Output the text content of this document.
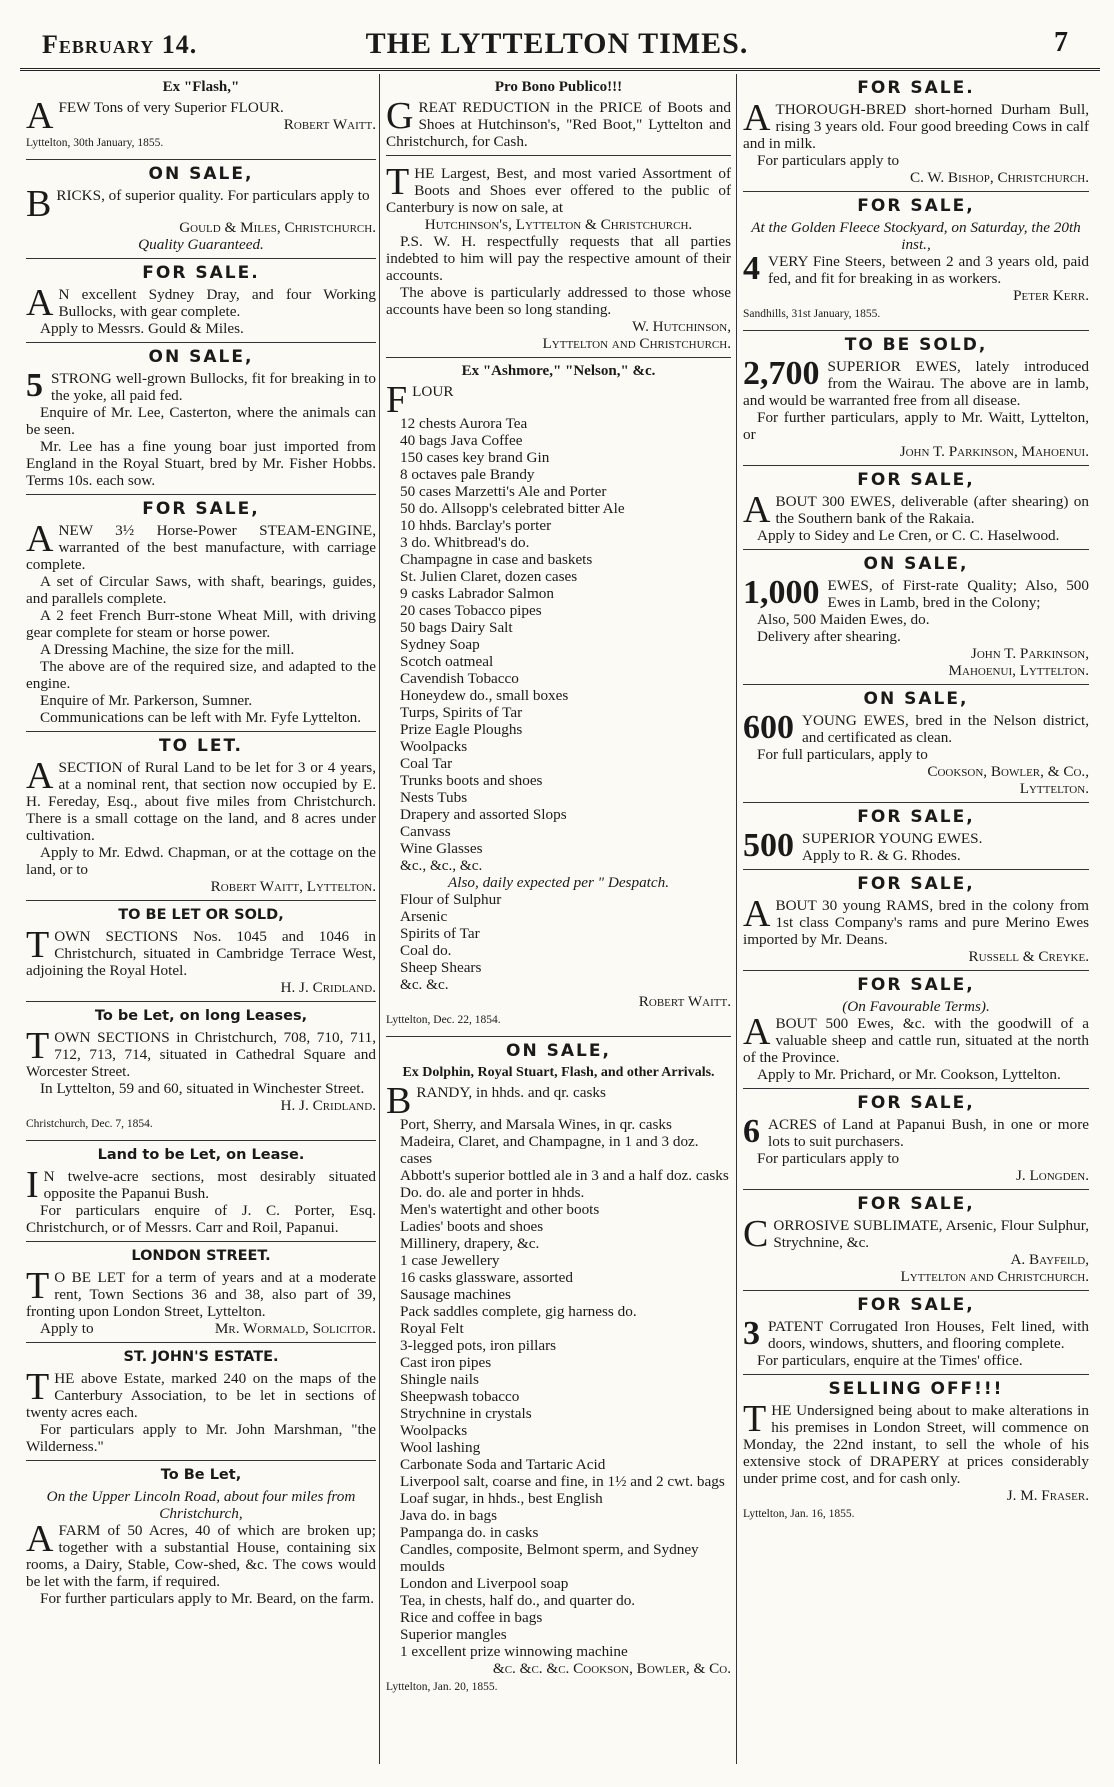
February 14.	THE LYTTELTON TIMES.	7
Ex "Flash,"

AFEW Tons of very Superior FLOUR.

Robert Waitt.

Lyttelton, 30th January, 1855.

ON SALE,

BRICKS, of superior quality. For particulars apply to

Gould & Miles, Christchurch.

Quality Guaranteed.
FOR SALE.

A N excellent Sydney Dray, and four Working Bullocks, with gear complete.

Apply to Messrs. Gould & Miles.

ON SALE,

5 STRONG well-grown Bullocks, fit for breaking in to the yoke, all paid fed.

Enquire of Mr. Lee, Casterton, where the animals can be seen.

Mr. Lee has a fine young boar just imported from England in the Royal Stuart, bred by Mr. Fisher Hobbs. Terms 10s. each sow.

FOR SALE,

ANEW 3½ Horse-Power STEAM-ENGINE, warranted of the best manufacture, with carriage complete.

A set of Circular Saws, with shaft, bearings, guides, and parallels complete.

A 2 feet French Burr-stone Wheat Mill, with driving gear complete for steam or horse power.

A Dressing Machine, the size for the mill.

The above are of the required size, and adapted to the engine.

Enquire of Mr. Parkerson, Sumner.

Communications can be left with Mr. Fyfe Lyttelton.

TO LET.

ASECTION of Rural Land to be let for 3 or 4 years, at a nominal rent, that section now occupied by E. H. Fereday, Esq., about five miles from Christchurch. There is a small cottage on the land, and 8 acres under cultivation.

Apply to Mr. Edwd. Chapman, or at the cottage on the land, or to

Robert Waitt, Lyttelton.

TO BE LET OR SOLD,

TOWN SECTIONS Nos. 1045 and 1046 in Christchurch, situated in Cambridge Terrace West, adjoining the Royal Hotel.

H. J. Cridland.

To be Let, on long Leases,

TOWN SECTIONS in Christchurch, 708, 710, 711, 712, 713, 714, situated in Cathedral Square and Worcester Street.

In Lyttelton, 59 and 60, situated in Winchester Street.

H. J. Cridland.

Christchurch, Dec. 7, 1854.

Land to be Let, on Lease.

I N twelve-acre sections, most desirably situated opposite the Papanui Bush.

For particulars enquire of J. C. Porter, Esq. Christchurch, or of Messrs. Carr and Roil, Papanui.

LONDON STREET.

T O BE LET for a term of years and at a moderate rent, Town Sections 36 and 38, also part of 39, fronting upon London Street, Lyttelton.

Apply to	Mr. Wormald, Solicitor.

ST. JOHN'S ESTATE.

THE above Estate, marked 240 on the maps of the Canterbury Association, to be let in sections of twenty acres each.

For particulars apply to Mr. John Marshman, "the Wilderness."

To Be Let,
On the Upper Lincoln Road, about four miles from Christchurch,

AFARM of 50 Acres, 40 of which are broken up; together with a substantial House, containing six rooms, a Dairy, Stable, Cow-shed, &c. The cows would be let with the farm, if required.

For further particulars apply to Mr. Beard, on the farm.

Pro Bono Publico!!!

GREAT REDUCTION in the PRICE of Boots and Shoes at Hutchinson's, "Red Boot," Lyttelton and Christchurch, for Cash.

THE Largest, Best, and most varied Assortment of Boots and Shoes ever offered to the public of Canterbury is now on sale, at

Hutchinson's, Lyttelton & Christchurch.

P.S. W. H. respectfully requests that all parties indebted to him will pay the respective amount of their accounts.

The above is particularly addressed to those whose accounts have been so long standing.

W. Hutchinson,

Lyttelton and Christchurch.

Ex "Ashmore," "Nelson," &c.

FLOUR

12 chests Aurora Tea
40 bags Java Coffee
150 cases key brand Gin
8 octaves pale Brandy
50 cases Marzetti's Ale and Porter
50 do. Allsopp's celebrated bitter Ale
10 hhds. Barclay's porter
3 do. Whitbread's do.
Champagne in case and baskets
St. Julien Claret, dozen cases
9 casks Labrador Salmon
20 cases Tobacco pipes
50 bags Dairy Salt
Sydney Soap
Scotch oatmeal
Cavendish Tobacco
Honeydew do., small boxes
Turps, Spirits of Tar
Prize Eagle Ploughs
Woolpacks
Coal Tar
Trunks boots and shoes
Nests Tubs
Drapery and assorted Slops
Canvass
Wine Glasses
&c., &c., &c.
Also, daily expected per " Despatch.
Flour of Sulphur
Arsenic
Spirits of Tar
Coal do.
Sheep Shears
&c. &c.

Robert Waitt.

Lyttelton, Dec. 22, 1854.

ON SALE,
Ex Dolphin, Royal Stuart, Flash, and other Arrivals.

BRANDY, in hhds. and qr. casks

Port, Sherry, and Marsala Wines, in qr. casks
Madeira, Claret, and Champagne, in 1 and 3 doz. cases
Abbott's superior bottled ale in 3 and a half doz. casks
Do. do. ale and porter in hhds.
Men's watertight and other boots
Ladies' boots and shoes
Millinery, drapery, &c.
1 case Jewellery
16 casks glassware, assorted
Sausage machines
Pack saddles complete, gig harness do.
Royal Felt
3-legged pots, iron pillars
Cast iron pipes
Shingle nails
Sheepwash tobacco
Strychnine in crystals
Woolpacks
Wool lashing
Carbonate Soda and Tartaric Acid
Liverpool salt, coarse and fine, in 1½ and 2 cwt. bags
Loaf sugar, in hhds., best English
Java do. in bags
Pampanga do. in casks
Candles, composite, Belmont sperm, and Sydney moulds
London and Liverpool soap
Tea, in chests, half do., and quarter do.
Rice and coffee in bags
Superior mangles
1 excellent prize winnowing machine

&c. &c. &c. Cookson, Bowler, & Co.

Lyttelton, Jan. 20, 1855.

FOR SALE.

ATHOROUGH-BRED short-horned Durham Bull, rising 3 years old. Four good breeding Cows in calf and in milk.

For particulars apply to

C. W. Bishop, Christchurch.

FOR SALE,
At the Golden Fleece Stockyard, on Saturday, the 20th inst.,

4 VERY Fine Steers, between 2 and 3 years old, paid fed, and fit for breaking in as workers.

Peter Kerr.

Sandhills, 31st January, 1855.

TO BE SOLD,

2,700 SUPERIOR EWES, lately introduced from the Wairau. The above are in lamb, and would be warranted free from all disease.

For further particulars, apply to Mr. Waitt, Lyttelton, or

John T. Parkinson, Mahoenui.

FOR SALE,

ABOUT 300 EWES, deliverable (after shearing) on the Southern bank of the Rakaia.

Apply to Sidey and Le Cren, or C. C. Haselwood.

ON SALE,

1,000 EWES, of First-rate Quality; Also, 500 Ewes in Lamb, bred in the Colony;

Also, 500 Maiden Ewes, do.

Delivery after shearing.

John T. Parkinson,

Mahoenui, Lyttelton.

ON SALE,

600 YOUNG EWES, bred in the Nelson district, and certificated as clean.

For full particulars, apply to

Cookson, Bowler, & Co.,

Lyttelton.

FOR SALE,

500 SUPERIOR YOUNG EWES.
Apply to R. & G. Rhodes.

FOR SALE,

ABOUT 30 young RAMS, bred in the colony from 1st class Company's rams and pure Merino Ewes imported by Mr. Deans.

Russell & Creyke.

FOR SALE,
(On Favourable Terms).

ABOUT 500 Ewes, &c. with the goodwill of a valuable sheep and cattle run, situated at the north of the Province.

Apply to Mr. Prichard, or Mr. Cookson, Lyttelton.

FOR SALE,

6 ACRES of Land at Papanui Bush, in one or more lots to suit purchasers.

For particulars apply to

J. Longden.

FOR SALE,

CORROSIVE SUBLIMATE, Arsenic, Flour Sulphur, Strychnine, &c.

A. Bayfeild,

Lyttelton and Christchurch.

FOR SALE,

3 PATENT Corrugated Iron Houses, Felt lined, with doors, windows, shutters, and flooring complete.

For particulars, enquire at the Times' office.

SELLING OFF!!!

THE Undersigned being about to make alterations in his premises in London Street, will commence on Monday, the 22nd instant, to sell the whole of his extensive stock of DRAPERY at prices considerably under prime cost, and for cash only.

J. M. Fraser.

Lyttelton, Jan. 16, 1855.
